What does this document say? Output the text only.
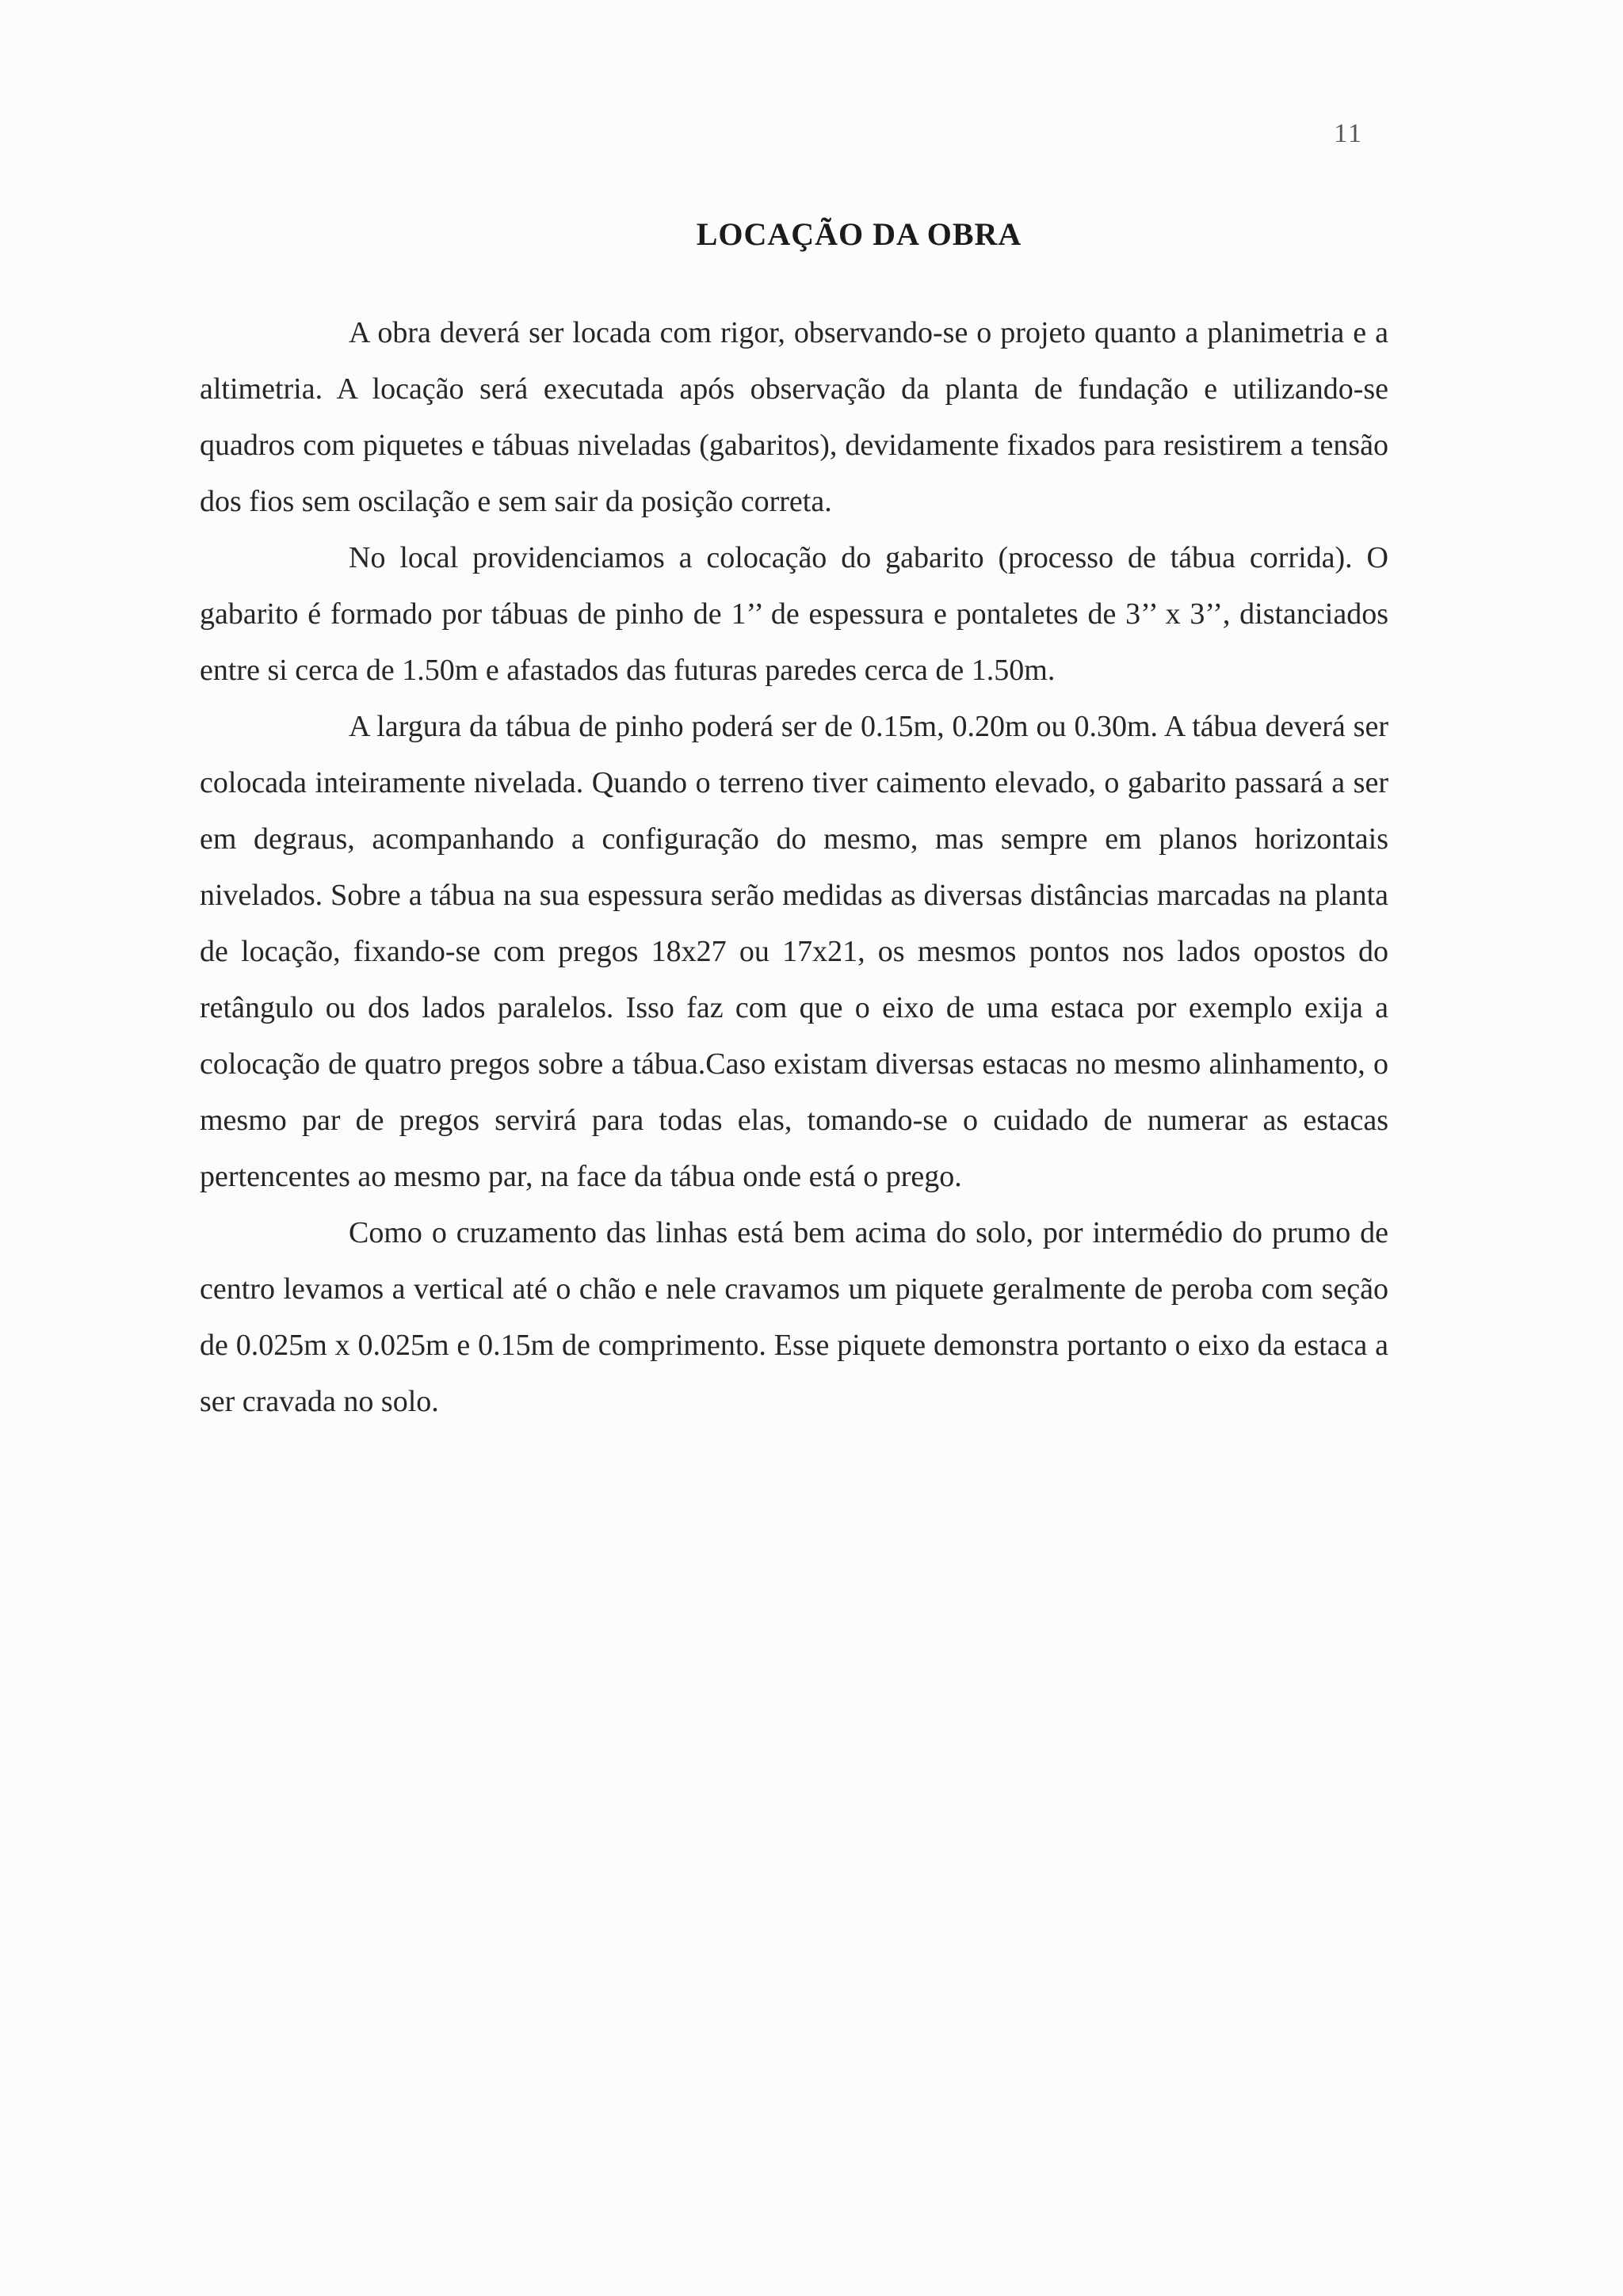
11
LOCAÇÃO DA OBRA

A obra deverá ser locada com rigor, observando-se o projeto quanto a planimetria e a altimetria. A locação será executada após observação da planta de fundação e utilizando-se quadros com piquetes e tábuas niveladas (gabaritos), devidamente fixados para resistirem a tensão dos fios sem oscilação e sem sair da posição correta.

No local providenciamos a colocação do gabarito (processo de tábua corrida). O gabarito é formado por tábuas de pinho de 1’’ de espessura e pontaletes de 3’’ x 3’’, distanciados entre si cerca de 1.50m e afastados das futuras paredes cerca de 1.50m.

A largura da tábua de pinho poderá ser de 0.15m, 0.20m ou 0.30m. A tábua deverá ser colocada inteiramente nivelada. Quando o terreno tiver caimento elevado, o gabarito passará a ser em degraus, acompanhando a configuração do mesmo, mas sempre em planos horizontais nivelados. Sobre a tábua na sua espessura serão medidas as diversas distâncias marcadas na planta de locação, fixando-se com pregos 18x27 ou 17x21, os mesmos pontos nos lados opostos do retângulo ou dos lados paralelos. Isso faz com que o eixo de uma estaca por exemplo exija a colocação de quatro pregos sobre a tábua.Caso existam diversas estacas no mesmo alinhamento, o mesmo par de pregos servirá para todas elas, tomando-se o cuidado de numerar as estacas pertencentes ao mesmo par, na face da tábua onde está o prego.

Como o cruzamento das linhas está bem acima do solo, por intermédio do prumo de centro levamos a vertical até o chão e nele cravamos um piquete geralmente de peroba com seção de 0.025m x 0.025m e 0.15m de comprimento. Esse piquete demonstra portanto o eixo da estaca a ser cravada no solo.
